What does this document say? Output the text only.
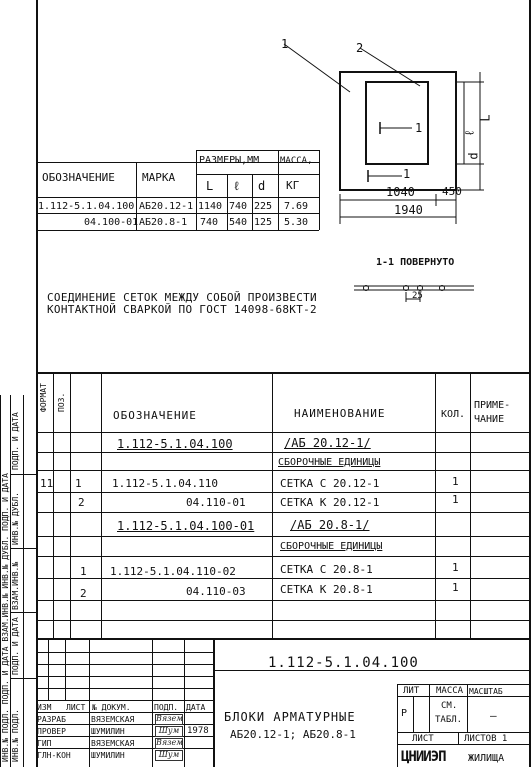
1	2
1
1
ℓ
L
d
1040 450
1940
ОБОЗНАЧЕНИЕ МАРКА
РАЗМЕРЫ,ММ МАССА,
L ℓ d КГ
1.112-5.1.04.100 АБ20.12-1 1140 740 225 7.69
04.100-01 АБ20.8-1 740 540 125 5.30
1-1 ПОВЕРНУТО
25
СОЕДИНЕНИЕ СЕТОК МЕЖДУ СОБОЙ ПРОИЗВЕСТИ
КОНТАКТНОЙ СВАРКОЙ ПО ГОСТ 14098-68КТ-2
ИНВ.№ ПОДЛ. ПОДП. И ДАТА ВЗАМ.ИНВ.№ ИНВ.№ ДУБЛ. ПОДП. И ДАТА ИНВ.№ ПОДЛ.
ПОДП. И ДАТА
ВЗАМ.ИНВ.№
ИНВ.№ ДУБЛ.
ПОДП. И ДАТА
ФОРМАТ ПОЗ.
ОБОЗНАЧЕНИЕ	НАИМЕНОВАНИЕ	КОЛ.
ПРИМЕ-
ЧАНИЕ
1.112-5.1.04.100	/АБ 20.12-1/
СБОРОЧНЫЕ ЕДИНИЦЫ
11 1	1.112-5.1.04.110	СЕТКА С 20.12-1	1
2	04.110-01	СЕТКА К 20.12-1	1
1.112-5.1.04.100-01	/АБ 20.8-1/
СБОРОЧНЫЕ ЕДИНИЦЫ
1 1.112-5.1.04.110-02	СЕТКА С 20.8-1	1
2	04.110-03	СЕТКА К 20.8-1	1
1.112-5.1.04.100
ИЗМ ЛИСТ № ДОКУМ.	ПОДП. ДАТА
РАЗРАБ	ВЯЗЕМСКАЯ	Вязем
ПРОВЕР	ШУМИЛИН	Шум 1978
ГИП	ВЯЗЕМСКАЯ	Вязем
ГЛН-КОН	ШУМИЛИН	Шум
БЛОКИ АРМАТУРНЫЕ
АБ20.12-1; АБ20.8-1
ЛИТ МАССА МАСШТАБ
Р
СМ.
ТАБЛ.	—
ЛИСТ	ЛИСТОВ 1
ЦНИИЭП ЖИЛИЩА
